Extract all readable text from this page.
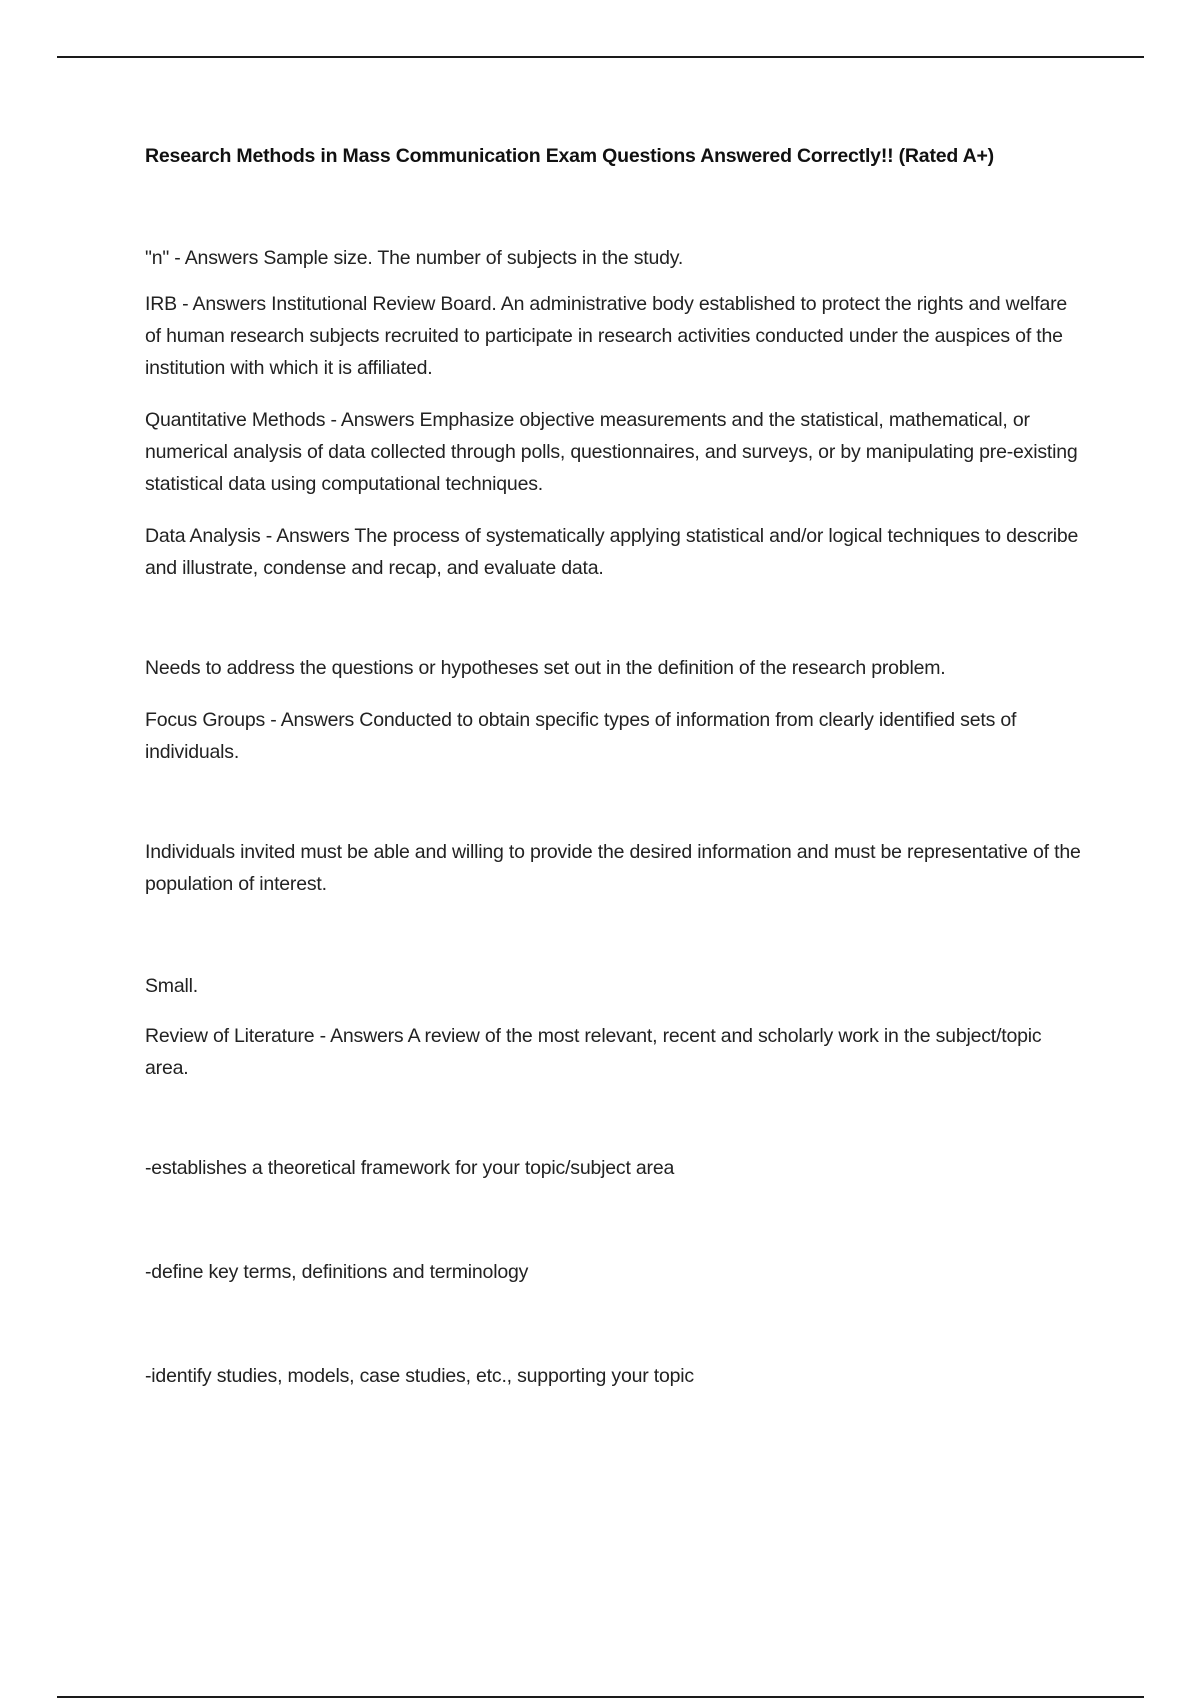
Research Methods in Mass Communication Exam Questions Answered Correctly!! (Rated A+)

"n" - Answers Sample size. The number of subjects in the study.

IRB - Answers Institutional Review Board. An administrative body established to protect the rights and welfare of human research subjects recruited to participate in research activities conducted under the auspices of the institution with which it is affiliated.

Quantitative Methods - Answers Emphasize objective measurements and the statistical, mathematical, or numerical analysis of data collected through polls, questionnaires, and surveys, or by manipulating pre-existing statistical data using computational techniques.

Data Analysis - Answers The process of systematically applying statistical and/or logical techniques to describe and illustrate, condense and recap, and evaluate data.

Needs to address the questions or hypotheses set out in the definition of the research problem.

Focus Groups - Answers Conducted to obtain specific types of information from clearly identified sets of individuals.

Individuals invited must be able and willing to provide the desired information and must be representative of the population of interest.

Small.

Review of Literature - Answers A review of the most relevant, recent and scholarly work in the subject/topic area.

-establishes a theoretical framework for your topic/subject area

-define key terms, definitions and terminology

-identify studies, models, case studies, etc., supporting your topic
